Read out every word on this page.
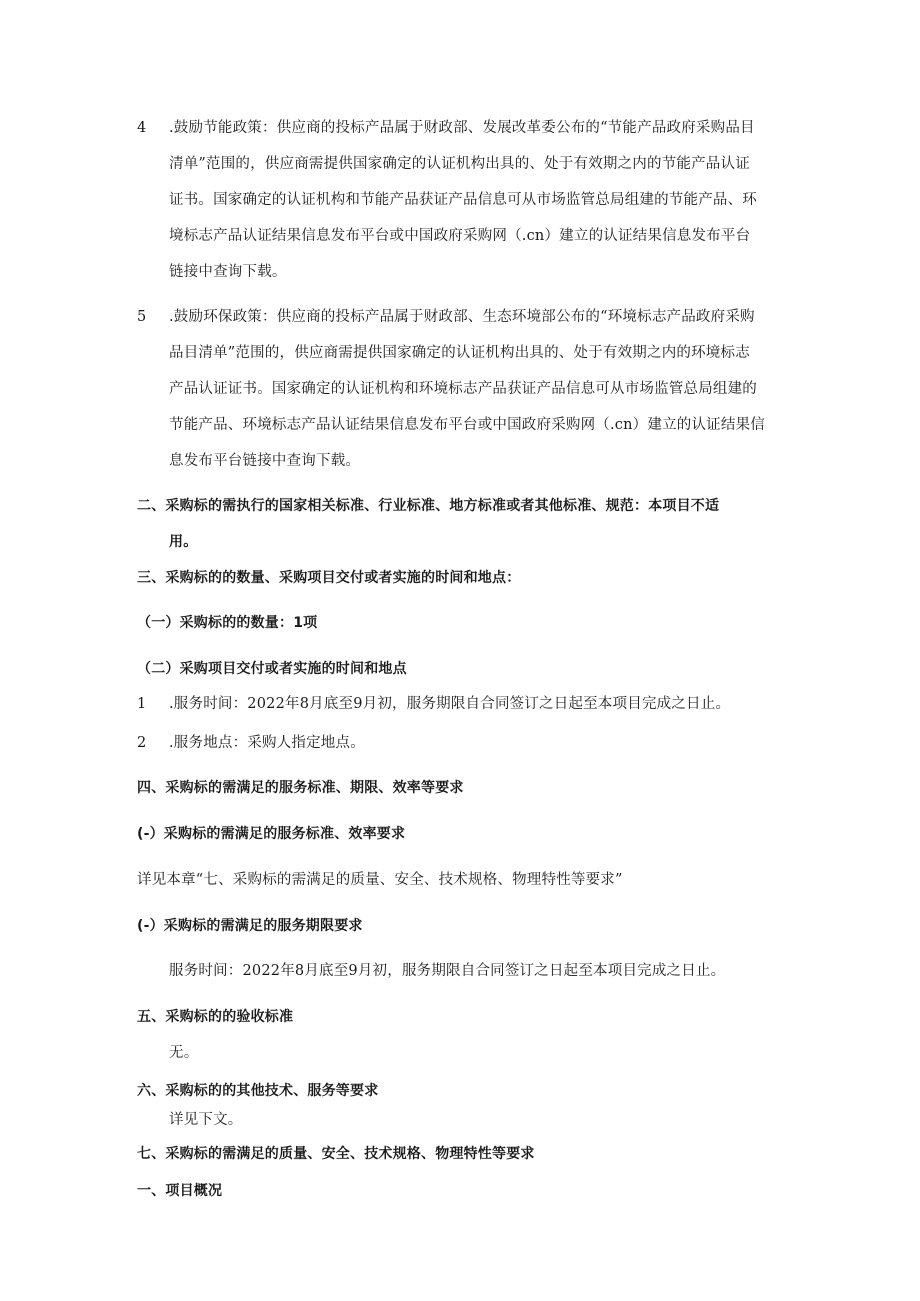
4 .鼓励节能政策：供应商的投标产品属于财政部、发展改革委公布的“节能产品政府采购品目
清单”范围的，供应商需提供国家确定的认证机构出具的、处于有效期之内的节能产品认证
证书。国家确定的认证机构和节能产品获证产品信息可从市场监管总局组建的节能产品、环
境标志产品认证结果信息发布平台或中国政府采购网（.cn）建立的认证结果信息发布平台
链接中查询下载。
5 .鼓励环保政策：供应商的投标产品属于财政部、生态环境部公布的“环境标志产品政府采购
品目清单”范围的，供应商需提供国家确定的认证机构出具的、处于有效期之内的环境标志
产品认证证书。国家确定的认证机构和环境标志产品获证产品信息可从市场监管总局组建的
节能产品、环境标志产品认证结果信息发布平台或中国政府采购网（.cn）建立的认证结果信
息发布平台链接中查询下载。
二、采购标的需执行的国家相关标准、行业标准、地方标准或者其他标准、规范：本项目不适
用。
三、采购标的的数量、采购项目交付或者实施的时间和地点：
（一）采购标的的数量：1项
（二）采购项目交付或者实施的时间和地点
1 .服务时间：2022年8月底至9月初，服务期限自合同签订之日起至本项目完成之日止。
2 .服务地点：采购人指定地点。
四、采购标的需满足的服务标准、期限、效率等要求
(-）采购标的需满足的服务标准、效率要求
详见本章“七、采购标的需满足的质量、安全、技术规格、物理特性等要求”
(-）采购标的需满足的服务期限要求
服务时间：2022年8月底至9月初，服务期限自合同签订之日起至本项目完成之日止。
五、采购标的的验收标准
无。
六、采购标的的其他技术、服务等要求
详见下文。
七、采购标的需满足的质量、安全、技术规格、物理特性等要求
一、项目概况
